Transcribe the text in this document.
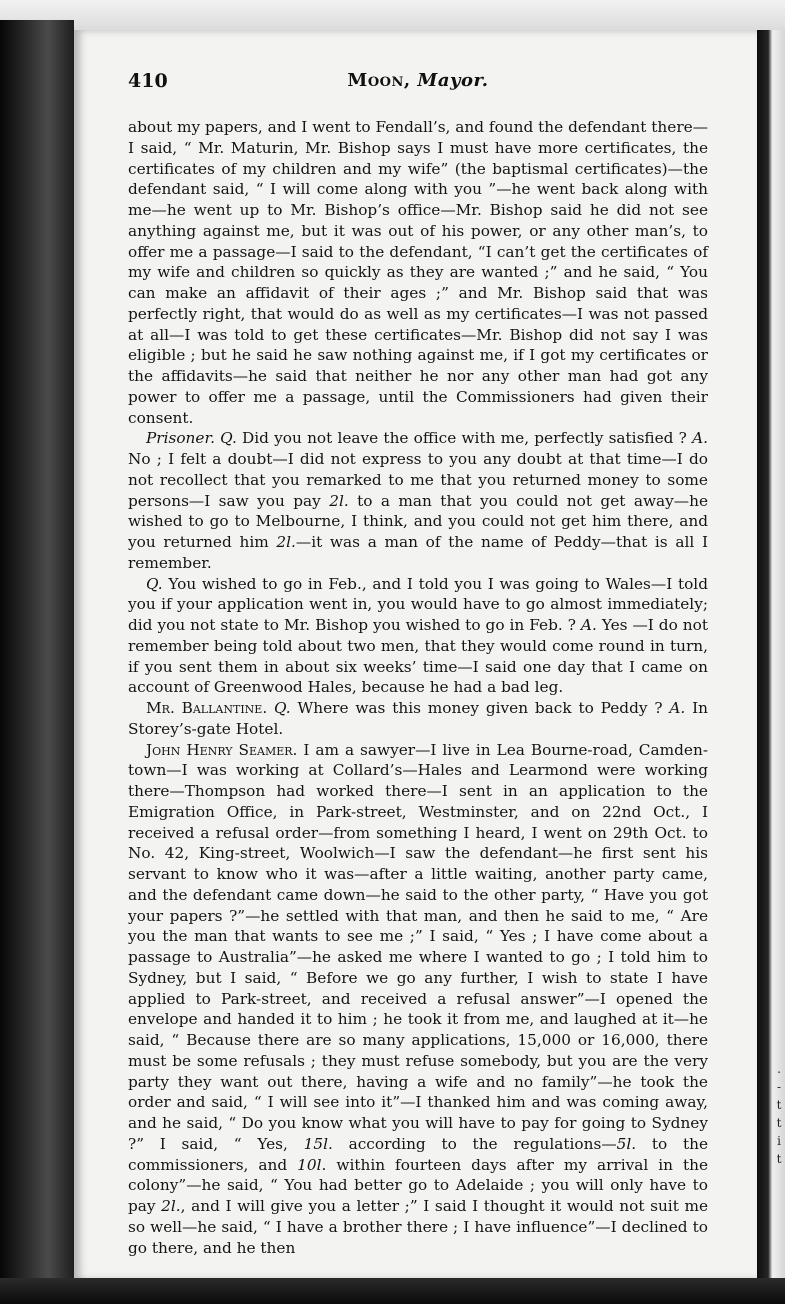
.
-
t
t
i
t
410	Moon, Mayor.

about my papers, and I went to Fendall’s, and found the defendant there—I said, “ Mr. Maturin, Mr. Bishop says I must have more certificates, the certificates of my children and my wife” (the baptismal certificates)—the defendant said, “ I will come along with you ”—he went back along with me—he went up to Mr. Bishop’s office—Mr. Bishop said he did not see anything against me, but it was out of his power, or any other man’s, to offer me a passage—I said to the defendant, “I can’t get the certificates of my wife and children so quickly as they are wanted ;” and he said, “ You can make an affidavit of their ages ;” and Mr. Bishop said that was perfectly right, that would do as well as my certificates—I was not passed at all—I was told to get these certificates—Mr. Bishop did not say I was eligible ; but he said he saw nothing against me, if I got my certificates or the affidavits—he said that neither he nor any other man had got any power to offer me a passage, until the Commissioners had given their consent.

Prisoner. Q. Did you not leave the office with me, perfectly satisfied ? A. No ; I felt a doubt—I did not express to you any doubt at that time—I do not recollect that you remarked to me that you returned money to some persons—I saw you pay 2l. to a man that you could not get away—he wished to go to Melbourne, I think, and you could not get him there, and you returned him 2l.—it was a man of the name of Peddy—that is all I remember.

Q. You wished to go in Feb., and I told you I was going to Wales—I told you if your application went in, you would have to go almost immediately; did you not state to Mr. Bishop you wished to go in Feb. ? A. Yes —I do not remember being told about two men, that they would come round in turn, if you sent them in about six weeks’ time—I said one day that I came on account of Greenwood Hales, because he had a bad leg.

Mr. Ballantine. Q. Where was this money given back to Peddy ? A. In Storey’s-gate Hotel.

John Henry Seamer. I am a sawyer—I live in Lea Bourne-road, Camden-town—I was working at Collard’s—Hales and Learmond were working there—Thompson had worked there—I sent in an application to the Emigration Office, in Park-street, Westminster, and on 22nd Oct., I received a refusal order—from something I heard, I went on 29th Oct. to No. 42, King-street, Woolwich—I saw the defendant—he first sent his servant to know who it was—after a little waiting, another party came, and the defendant came down—he said to the other party, “ Have you got your papers ?”—he settled with that man, and then he said to me, “ Are you the man that wants to see me ;” I said, “ Yes ; I have come about a passage to Australia”—he asked me where I wanted to go ; I told him to Sydney, but I said, “ Before we go any further, I wish to state I have applied to Park-street, and received a refusal answer”—I opened the envelope and handed it to him ; he took it from me, and laughed at it—he said, “ Because there are so many applications, 15,000 or 16,000, there must be some refusals ; they must refuse somebody, but you are the very party they want out there, having a wife and no family”—he took the order and said, “ I will see into it”—I thanked him and was coming away, and he said, “ Do you know what you will have to pay for going to Sydney ?” I said, “ Yes, 15l. according to the regulations—5l. to the commissioners, and 10l. within fourteen days after my arrival in the colony”—he said, “ You had better go to Adelaide ; you will only have to pay 2l., and I will give you a letter ;” I said I thought it would not suit me so well—he said, “ I have a brother there ; I have influence”—I declined to go there, and he then
